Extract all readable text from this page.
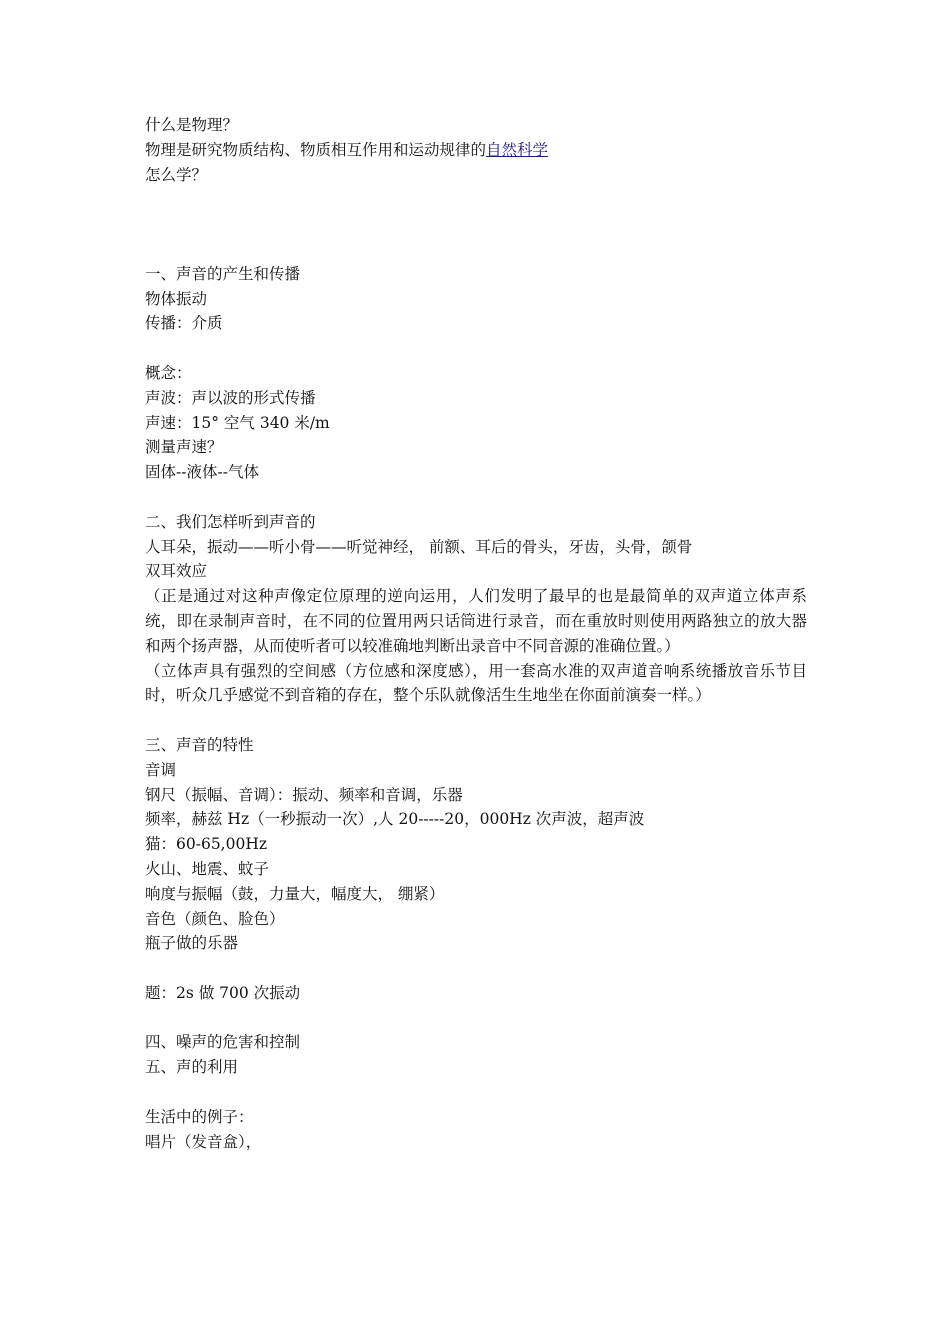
什么是物理？
物理是研究物质结构、物质相互作用和运动规律的自然科学
怎么学？
一、声音的产生和传播
物体振动
传播：介质
概念：
声波：声以波的形式传播
声速：15° 空气 340 米/m
测量声速？
固体--液体--气体
二、我们怎样听到声音的
人耳朵，振动——听小骨——听觉神经， 前额、耳后的骨头，牙齿，头骨，颌骨
双耳效应
（正是通过对这种声像定位原理的逆向运用，人们发明了最早的也是最简单的双声道立体声系统，即在录制声音时，在不同的位置用两只话筒进行录音，而在重放时则使用两路独立的放大器和两个扬声器，从而使听者可以较准确地判断出录音中不同音源的准确位置。）
（立体声具有强烈的空间感（方位感和深度感），用一套高水准的双声道音响系统播放音乐节目时，听众几乎感觉不到音箱的存在，整个乐队就像活生生地坐在你面前演奏一样。）
三、声音的特性
音调
钢尺（振幅、音调）：振动、频率和音调，乐器
频率，赫兹 Hz（一秒振动一次）,人 20-----20，000Hz 次声波，超声波
猫：60-65,00Hz
火山、地震、蚊子
响度与振幅（鼓，力量大，幅度大， 绷紧）
音色（颜色、脸色）
瓶子做的乐器
题：2s 做 700 次振动
四、噪声的危害和控制
五、声的利用
生活中的例子：
唱片（发音盒），
